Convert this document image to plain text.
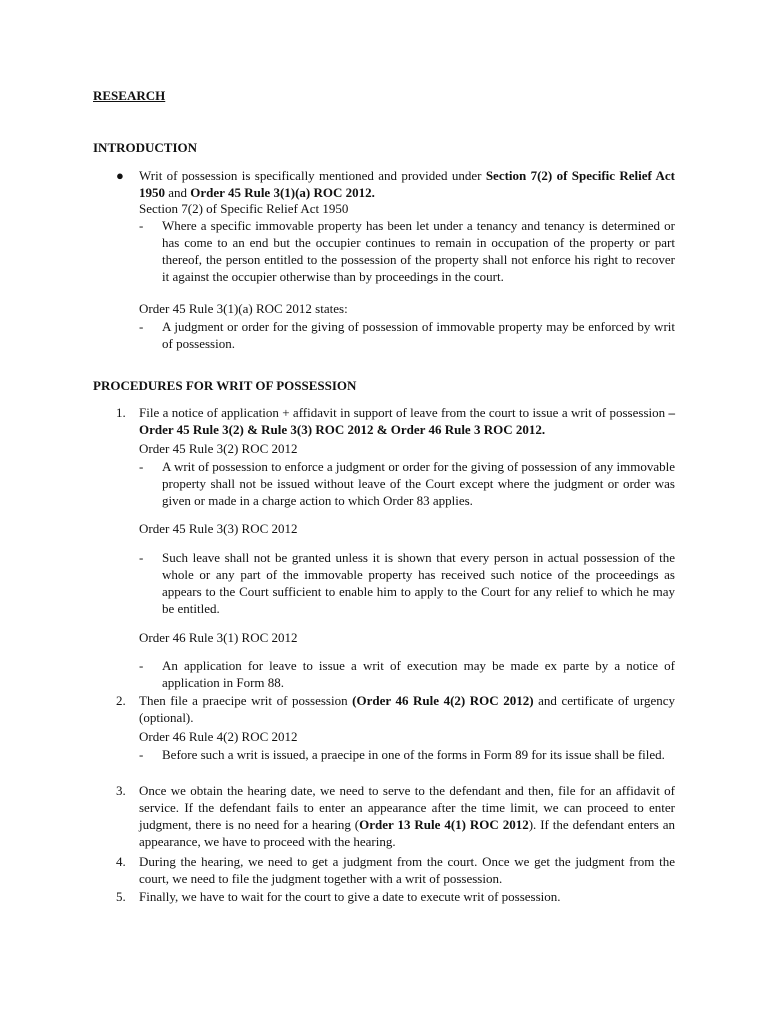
RESEARCH
INTRODUCTION
● Writ of possession is specifically mentioned and provided under Section 7(2) of Specific Relief Act 1950 and Order 45 Rule 3(1)(a) ROC 2012.
Section 7(2) of Specific Relief Act 1950
- Where a specific immovable property has been let under a tenancy and tenancy is determined or has come to an end but the occupier continues to remain in occupation of the property or part thereof, the person entitled to the possession of the property shall not enforce his right to recover it against the occupier otherwise than by proceedings in the court.
Order 45 Rule 3(1)(a) ROC 2012 states:
- A judgment or order for the giving of possession of immovable property may be enforced by writ of possession.
PROCEDURES FOR WRIT OF POSSESSION
1. File a notice of application + affidavit in support of leave from the court to issue a writ of possession – Order 45 Rule 3(2) & Rule 3(3) ROC 2012 & Order 46 Rule 3 ROC 2012.
Order 45 Rule 3(2) ROC 2012
- A writ of possession to enforce a judgment or order for the giving of possession of any immovable property shall not be issued without leave of the Court except where the judgment or order was given or made in a charge action to which Order 83 applies.
Order 45 Rule 3(3) ROC 2012
- Such leave shall not be granted unless it is shown that every person in actual possession of the whole or any part of the immovable property has received such notice of the proceedings as appears to the Court sufficient to enable him to apply to the Court for any relief to which he may be entitled.
Order 46 Rule 3(1) ROC 2012
- An application for leave to issue a writ of execution may be made ex parte by a notice of application in Form 88.
2. Then file a praecipe writ of possession (Order 46 Rule 4(2) ROC 2012) and certificate of urgency (optional).
Order 46 Rule 4(2) ROC 2012
- Before such a writ is issued, a praecipe in one of the forms in Form 89 for its issue shall be filed.
3. Once we obtain the hearing date, we need to serve to the defendant and then, file for an affidavit of service. If the defendant fails to enter an appearance after the time limit, we can proceed to enter judgment, there is no need for a hearing (Order 13 Rule 4(1) ROC 2012). If the defendant enters an appearance, we have to proceed with the hearing.
4. During the hearing, we need to get a judgment from the court. Once we get the judgment from the court, we need to file the judgment together with a writ of possession.
5. Finally, we have to wait for the court to give a date to execute writ of possession.
